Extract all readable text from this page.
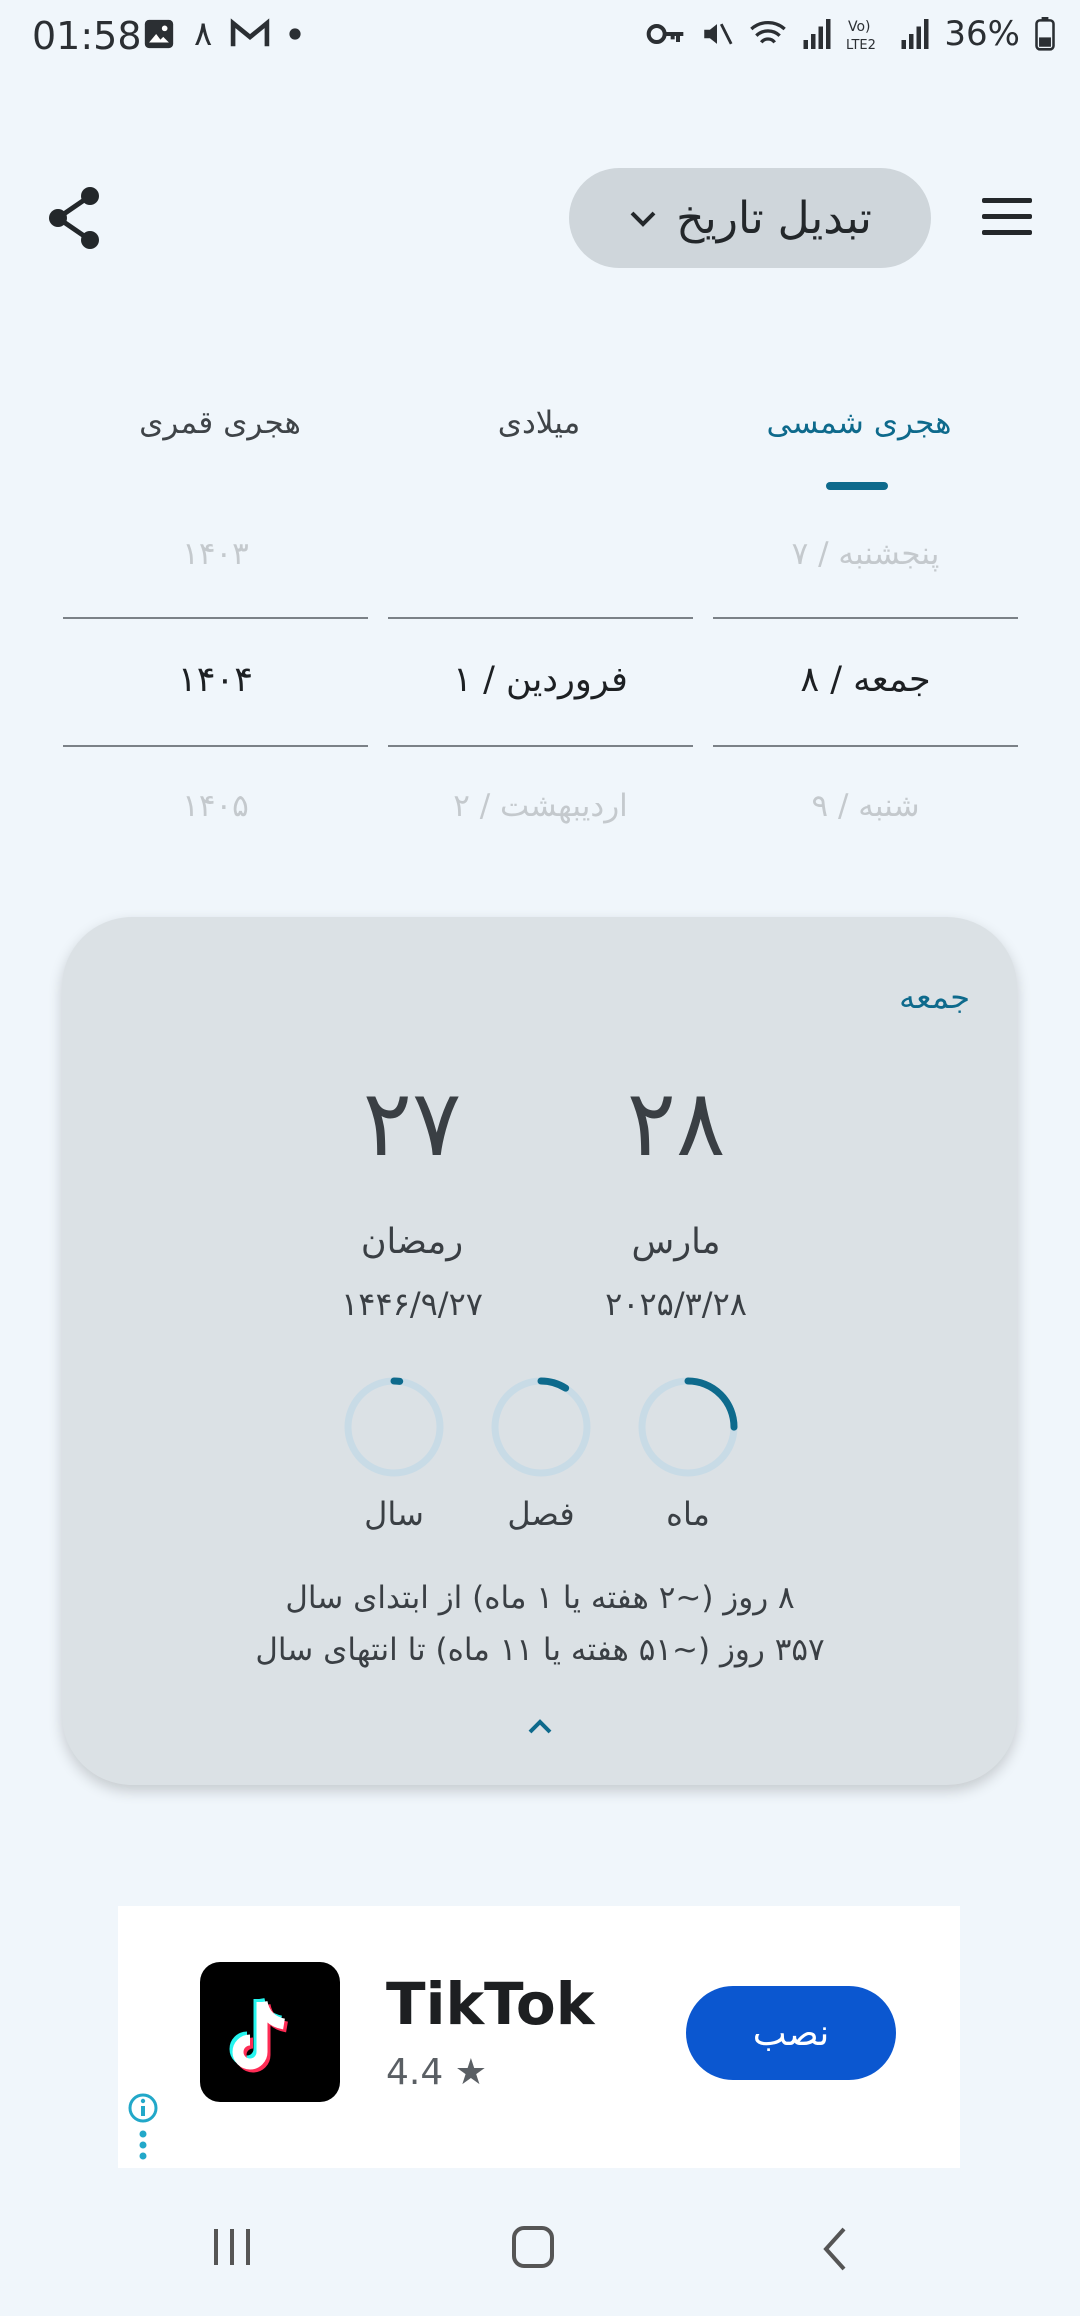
01:58 ۸	Vo)
LTE2 36%
تبدیل تاریخ
هجری شمسی
میلادی
هجری قمری
پنجشنبه / ۷
۱۴۰۳
جمعه / ۸
فروردین / ۱
۱۴۰۴
شنبه / ۹
اردیبهشت / ۲
۱۴۰۵
جمعه
۲۸
۲۷
مارس
رمضان
۲۰۲۵/۳/۲۸
۱۴۴۶/۹/۲۷
ماه
فصل
سال
۸ روز (~۲ هفته یا ۱ ماه) از ابتدای سال
۳۵۷ روز (~۵۱ هفته یا ۱۱ ماه) تا انتهای سال
TikTok
4.4 ★
نصب
